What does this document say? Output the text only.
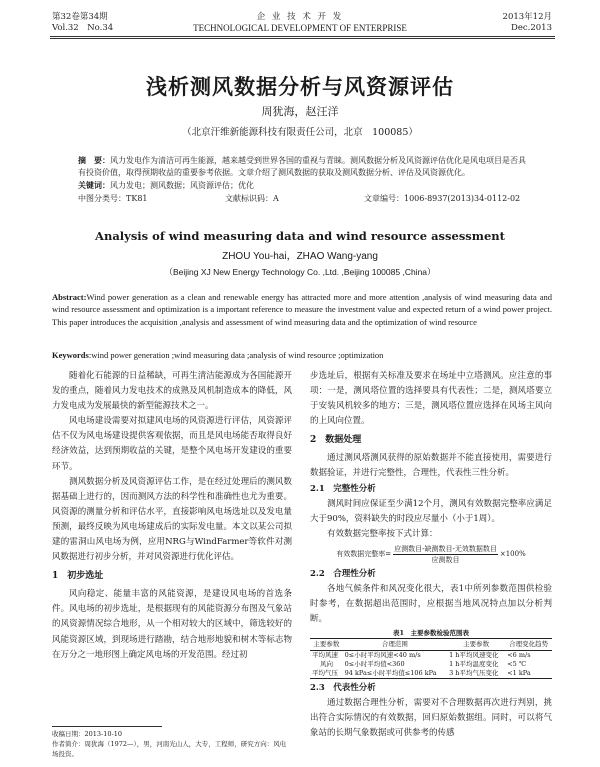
第32卷第34期
Vol.32　No.34
企 业 技 术 开 发
TECHNOLOGICAL DEVELOPMENT OF ENTERPRISE
2013年12月
Dec.2013
浅析测风数据分析与风资源评估
周犹海，赵汪洋
（北京汗维新能源科技有限责任公司，北京　100085）
摘　要：风力发电作为清洁可再生能源，越来越受到世界各国的重视与青睐。测风数据分析及风资源评估优化是风电项目是否具有投资价值，取得预期收益的重要参考依据。文章介绍了测风数据的获取及测风数据分析、评估及风资源优化。
关键词：风力发电；测风数据；风资源评估；优化
中图分类号：TK81	文献标识码：A	文章编号：1006-8937(2013)34-0112-02
Analysis of wind measuring data and wind resource assessment
ZHOU You-hai，ZHAO Wang-yang
（Beijing XJ New Energy Technology Co. ,Ltd. ,Beijing 100085 ,China）
Abstract:Wind power generation as a clean and renewable energy has attracted more and more attention ,analysis of wind measuring data and wind resource assessment and optimization is a important reference to measure the investment value and expected return of a wind power project. This paper introduces the acquisition ,analysis and assessment of wind measuring data and the optimization of wind resource
Keywords:wind power generation ;wind measuring data ;analysis of wind resource ;optimization

随着化石能源的日益稀缺，可再生清洁能源成为各国能源开发的重点，随着风力发电技术的成熟及风机制造成本的降低，风力发电成为发展最快的新型能源技术之一。

风电场建设需要对拟建风电场的风资源进行评估，风资源评估不仅为风电场建设提供客观依据，而且是风电场能否取得良好经济效益，达到预期收益的关键，是整个风电场开发建设的重要环节。

测风数据分析及风资源评估工作，是在经过处理后的测风数据基础上进行的，因而测风方法的科学性和准确性也尤为重要。风资源的测量分析和评估水平，直接影响风电场选址以及发电量预测，最终反映为风电场建成后的实际发电量。本文以某公司拟建的雷洞山风电场为例，应用NRG与WindFarmer等软件对测风数据进行初步分析，并对风资源进行优化评估。

1　初步选址

风向稳定、能量丰富的风能资源，是建设风电场的首选条件。风电场的初步选址，是根据现有的风能资源分布图及气象站的风资源情况综合地形，从一个相对较大的区域中，筛选较好的风能资源区域，到现场进行踏勘，结合地形地貌和树木等标志物在万分之一地形图上确定风电场的开发范围。经过初

收稿日期：2013-10-10
作者简介：周犹海（1972—），男，河南光山人，大专，工程师，研究方向：风电场投资。

步选址后，根据有关标准及要求在场址中立塔测风。应注意的事项：一是，测风塔位置的选择要具有代表性；二是，测风塔要立于安装风机较多的地方；三是，测风塔位置应选择在风场主风向的上风向位置。

2　数据处理

通过测风塔测风获得的原始数据并不能直接使用，需要进行数据验证，并进行完整性，合理性，代表性三性分析。

2.1　完整性分析

测风时间应保证至少满12个月，测风有效数据完整率应满足大于90%，资料缺失的时段应尽量小（小于1周）。

有效数据完整率按下式计算：

有效数据完整率=
应测数目-缺测数目-无效数据数目
应测数目
×100%
2.2　合理性分析

各地气候条件和风况变化很大，表1中所列参数范围供检验时参考，在数据超出范围时，应根据当地风况特点加以分析判断。

表1　主要参数检验范围表
主要参数	合理范围	主要参数	合理变化趋势
平均风速	0≤小时平均风速<40 m/s	1 h平均风速变化	<6 m/s
风向	0≤小时平均值<360	1 h平均温度变化	<5 ℃
平均气压	94 kPa≤小时平均值≤106 kPa	3 h平均气压变化	<1 kPa
2.3　代表性分析

通过数据合理性分析，需要对不合理数据再次进行判别，挑出符合实际情况的有效数据，回归原始数据组。同时，可以将气象站的长期气象数据或可供参考的传感
